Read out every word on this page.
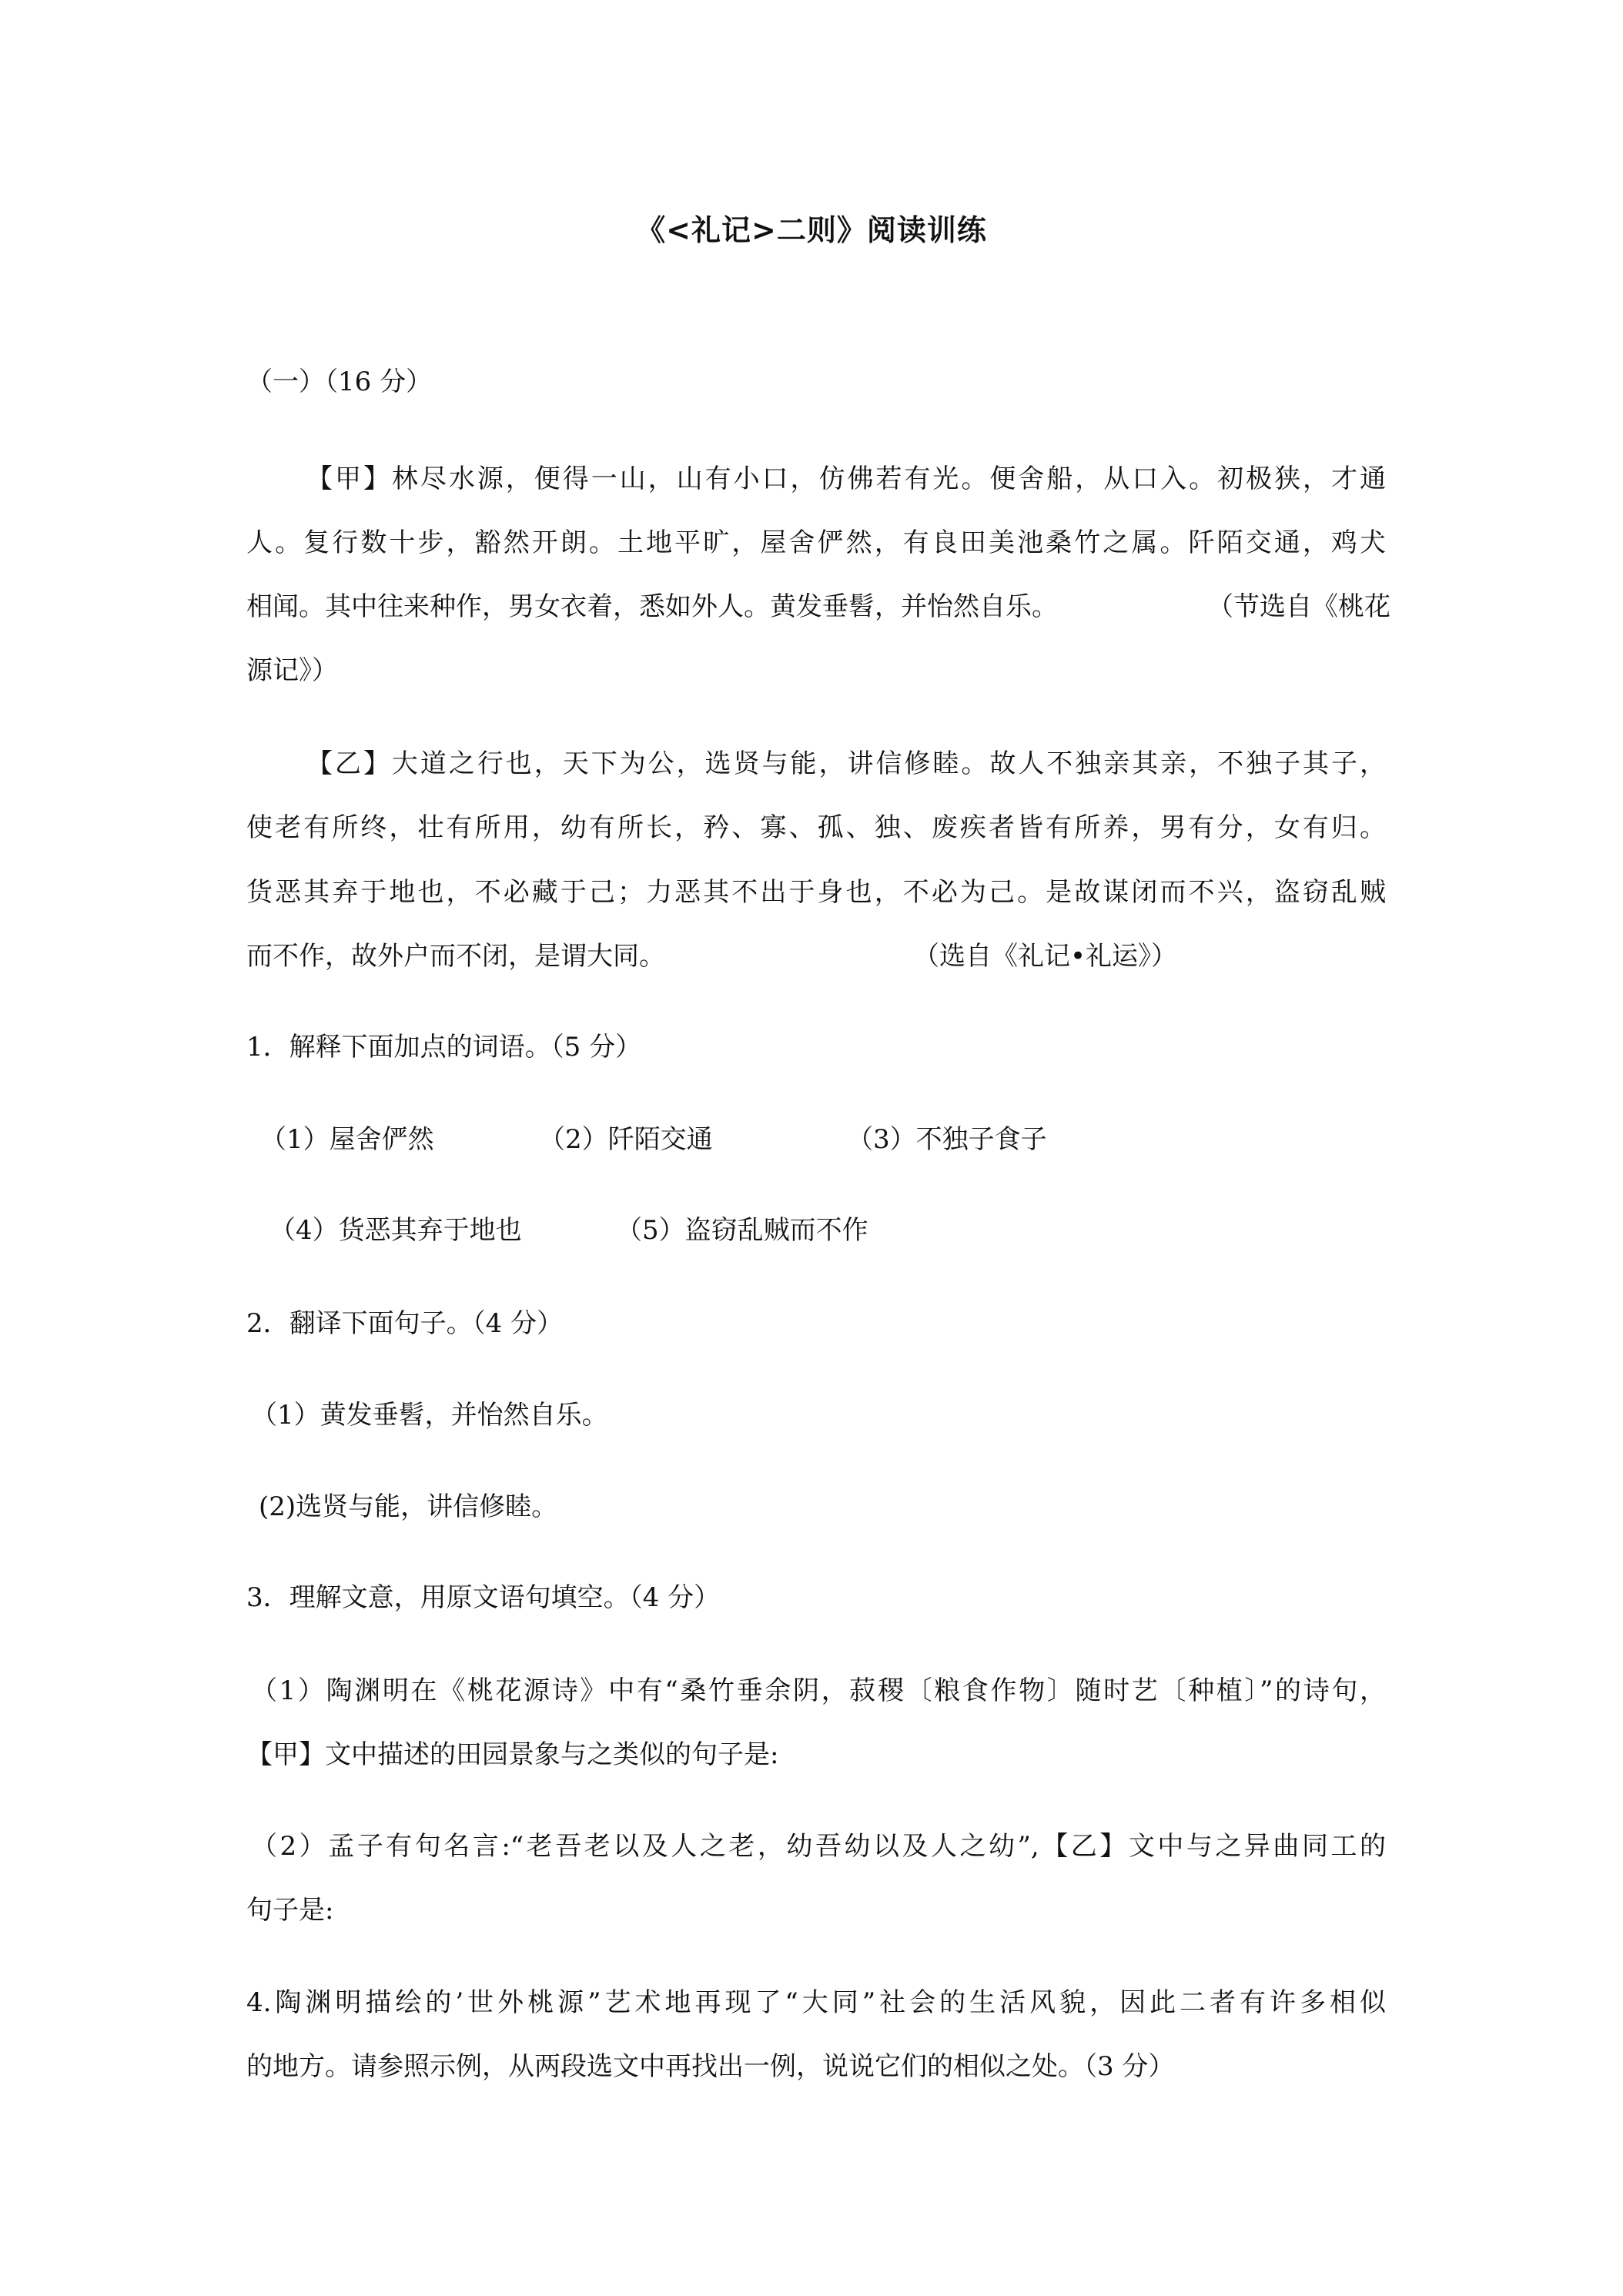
《<礼记>二则》阅读训练
（一）（16 分）
【甲】林尽水源，便得一山，山有小口，仿佛若有光。便舍船，从口入。初极狭，才通
人。复行数十步，豁然开朗。土地平旷，屋舍俨然，有良田美池桑竹之属。阡陌交通，鸡犬
相闻。其中往来种作，男女衣着，悉如外人。黄发垂髫，并怡然自乐。	（节选自《桃花
源记》）
【乙】大道之行也，天下为公，选贤与能，讲信修睦。故人不独亲其亲，不独子其子，
使老有所终，壮有所用，幼有所长，矜、寡、孤、独、废疾者皆有所养，男有分，女有归。
货恶其弃于地也，不必藏于己；力恶其不出于身也，不必为己。是故谋闭而不兴，盗窃乱贼
而不作，故外户而不闭，是谓大同。	（选自《礼记•礼运》）
1．解释下面加点的词语。（5 分）
（1）屋舍俨然	（2）阡陌交通	（3）不独子食子
（4）货恶其弃于地也	（5）盗窃乱贼而不作
2．翻译下面句子。（4 分）
（1）黄发垂髫，并怡然自乐。
(2)选贤与能，讲信修睦。
3．理解文意，用原文语句填空。（4 分）
（1）陶渊明在《桃花源诗》中有“桑竹垂余阴，菽稷〔粮食作物〕随时艺〔种植〕”的诗句，
【甲】文中描述的田园景象与之类似的句子是:
（2）孟子有句名言:“老吾老以及人之老，幼吾幼以及人之幼”,【乙】文中与之异曲同工的
句子是:
4.陶渊明描绘的’世外桃源”艺术地再现了“大同”社会的生活风貌，因此二者有许多相似
的地方。请参照示例，从两段选文中再找出一例，说说它们的相似之处。（3 分）
